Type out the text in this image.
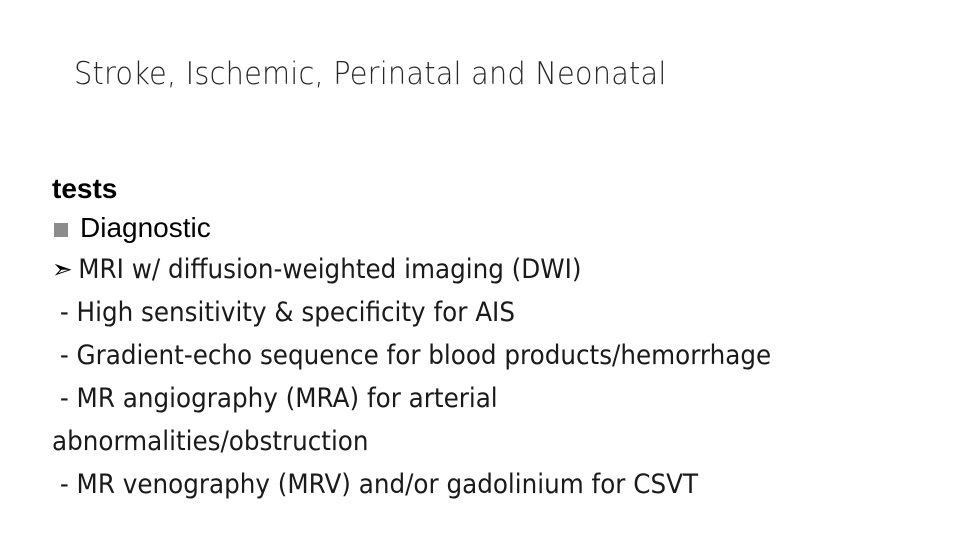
Stroke, Ischemic, Perinatal and Neonatal
tests
Diagnostic
➣ MRI w/ diffusion-weighted imaging (DWI)
- High sensitivity & specificity for AIS
- Gradient-echo sequence for blood products/hemorrhage
- MR angiography (MRA) for arterial
abnormalities/obstruction
- MR venography (MRV) and/or gadolinium for CSVT
